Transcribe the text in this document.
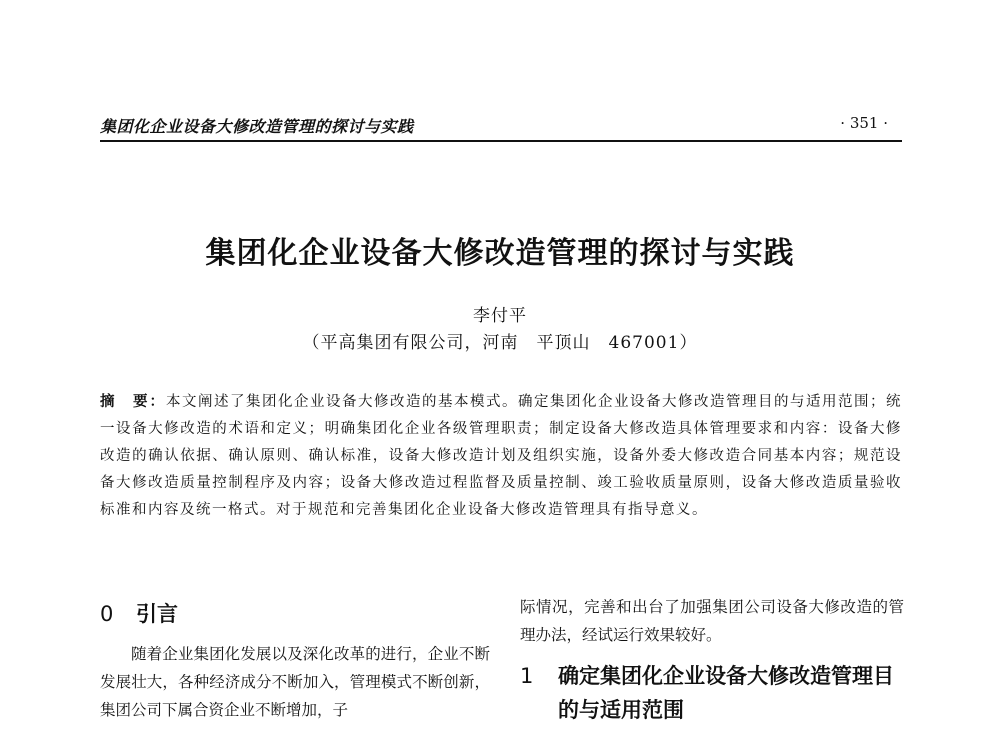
集团化企业设备大修改造管理的探讨与实践	· 351 ·
集团化企业设备大修改造管理的探讨与实践
李付平
（平高集团有限公司，河南　平顶山　467001）
摘　要：本文阐述了集团化企业设备大修改造的基本模式。确定集团化企业设备大修改造管理目的与适用范围；统一设备大修改造的术语和定义；明确集团化企业各级管理职责；制定设备大修改造具体管理要求和内容：设备大修改造的确认依据、确认原则、确认标准，设备大修改造计划及组织实施，设备外委大修改造合同基本内容；规范设备大修改造质量控制程序及内容；设备大修改造过程监督及质量控制、竣工验收质量原则，设备大修改造质量验收标准和内容及统一格式。对于规范和完善集团化企业设备大修改造管理具有指导意义。
0	引言

随着企业集团化发展以及深化改革的进行，企业不断发展壮大，各种经济成分不断加入，管理模式不断创新，集团公司下属合资企业不断增加，子

际情况，完善和出台了加强集团公司设备大修改造的管理办法，经试运行效果较好。

1	确定集团化企业设备大修改造管理目的与适用范围
